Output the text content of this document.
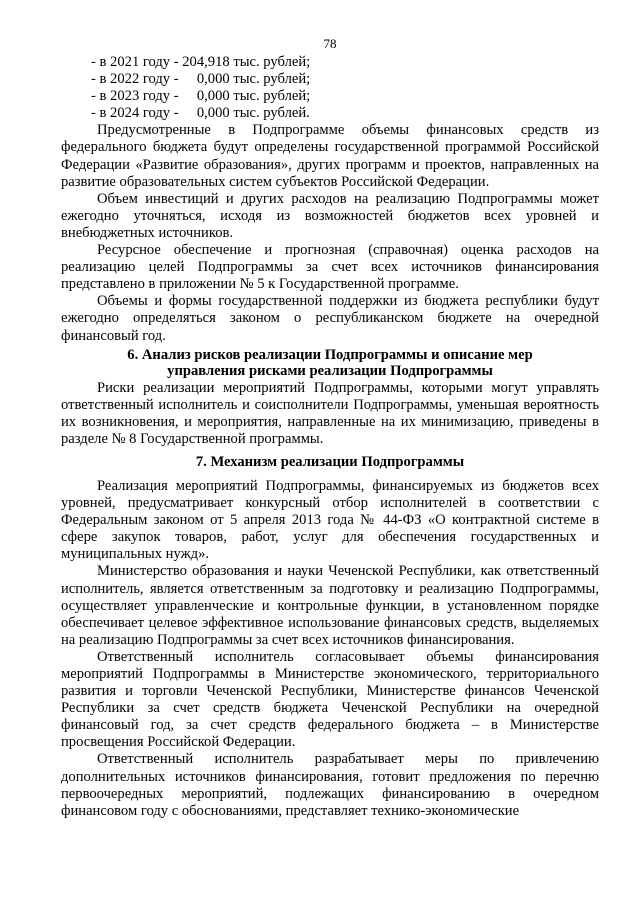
78
- в 2021 году - 204,918 тыс. рублей;
- в 2022 году -     0,000 тыс. рублей;
- в 2023 году -     0,000 тыс. рублей;
- в 2024 году -     0,000 тыс. рублей.

Предусмотренные в Подпрограмме объемы финансовых средств из федерального бюджета будут определены государственной программой Российской Федерации «Развитие образования», других программ и проектов, направленных на развитие образовательных систем субъектов Российской Федерации.

Объем инвестиций и других расходов на реализацию Подпрограммы может ежегодно уточняться, исходя из возможностей бюджетов всех уровней и внебюджетных источников.

Ресурсное обеспечение и прогнозная (справочная) оценка расходов на реализацию целей Подпрограммы за счет всех источников финансирования представлено в приложении № 5 к Государственной программе.

Объемы и формы государственной поддержки из бюджета республики будут ежегодно определяться законом о республиканском бюджете на очередной финансовый год.

6. Анализ рисков реализации Подпрограммы и описание мер
управления рисками реализации Подпрограммы

Риски реализации мероприятий Подпрограммы, которыми могут управлять ответственный исполнитель и соисполнители Подпрограммы, уменьшая вероятность их возникновения, и мероприятия, направленные на их минимизацию, приведены в разделе № 8 Государственной программы.

7. Механизм реализации Подпрограммы

Реализация мероприятий Подпрограммы, финансируемых из бюджетов всех уровней, предусматривает конкурсный отбор исполнителей в соответствии с Федеральным законом от 5 апреля 2013 года № 44-ФЗ «О контрактной системе в сфере закупок товаров, работ, услуг для обеспечения государственных и муниципальных нужд».

Министерство образования и науки Чеченской Республики, как ответственный исполнитель, является ответственным за подготовку и реализацию Подпрограммы, осуществляет управленческие и контрольные функции, в установленном порядке обеспечивает целевое эффективное использование финансовых средств, выделяемых на реализацию Подпрограммы за счет всех источников финансирования.

Ответственный исполнитель согласовывает объемы финансирования мероприятий Подпрограммы в Министерстве экономического, территориального развития и торговли Чеченской Республики, Министерстве финансов Чеченской Республики за счет средств бюджета Чеченской Республики на очередной финансовый год, за счет средств федерального бюджета – в Министерстве просвещения Российской Федерации.

Ответственный исполнитель разрабатывает меры по привлечению дополнительных источников финансирования, готовит предложения по перечню первоочередных мероприятий, подлежащих финансированию в очередном финансовом году с обоснованиями, представляет технико-экономические
